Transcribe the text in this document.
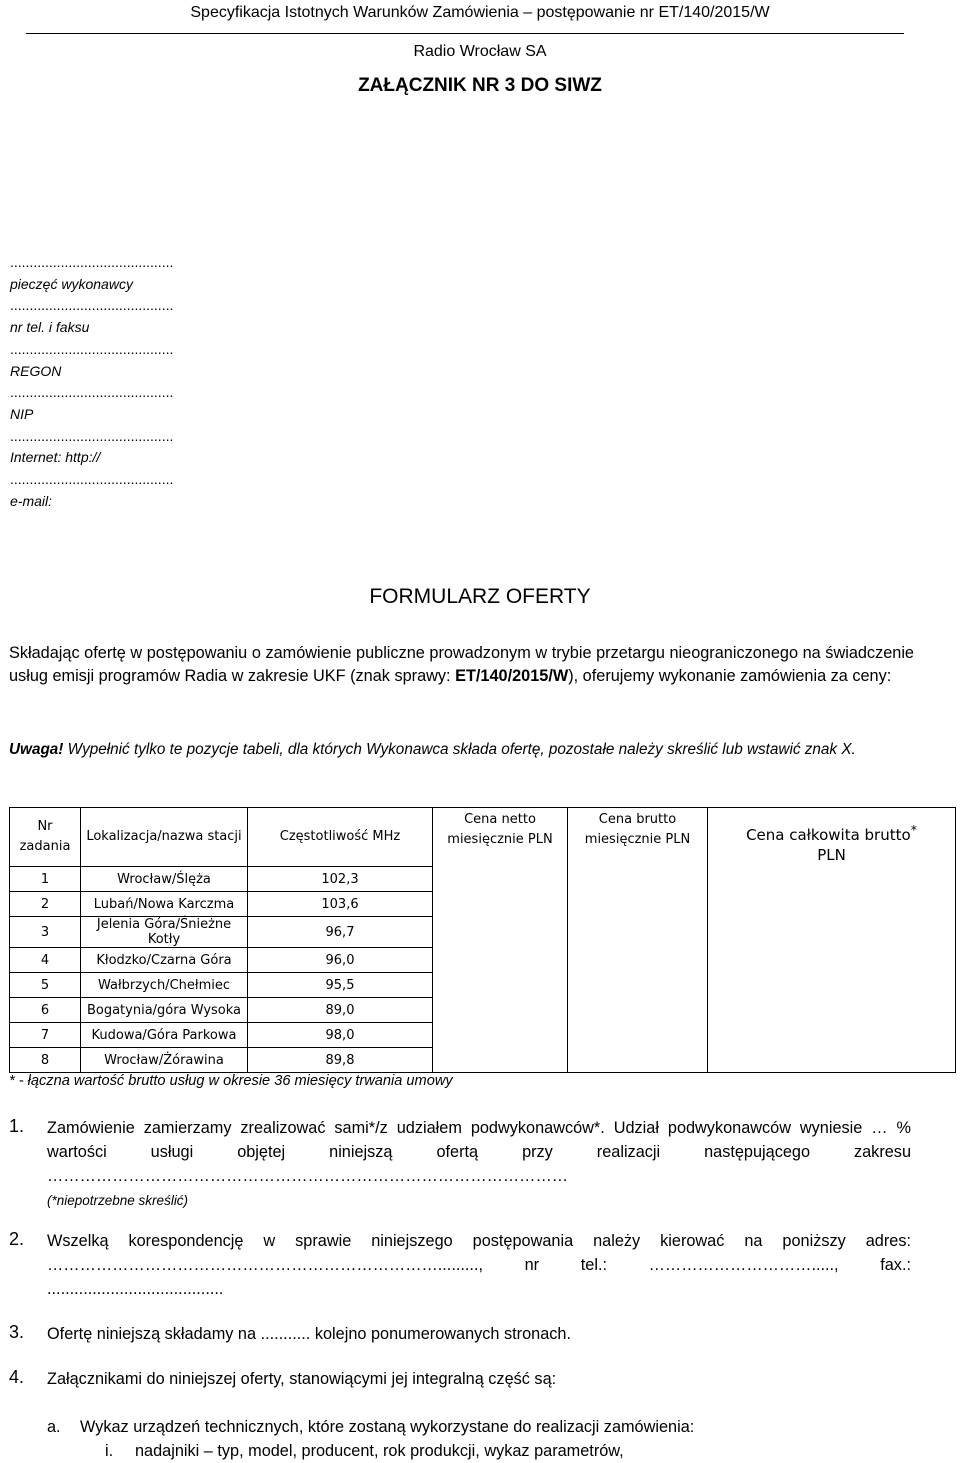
Specyfikacja Istotnych Warunków Zamówienia – postępowanie nr ET/140/2015/W
Radio Wrocław SA
ZAŁĄCZNIK NR 3 DO SIWZ
..........................................
pieczęć wykonawcy
..........................................
nr tel. i faksu
..........................................
REGON
..........................................
NIP
..........................................
Internet: http://
..........................................
e-mail:
FORMULARZ OFERTY
Składając ofertę w postępowaniu o zamówienie publiczne prowadzonym w trybie przetargu nieograniczonego na świadczenie usług emisji programów Radia w zakresie UKF (znak sprawy: ET/140/2015/W), oferujemy wykonanie zamówienia za ceny:
Uwaga! Wypełnić tylko te pozycje tabeli, dla których Wykonawca składa ofertę, pozostałe należy skreślić lub wstawić znak X.
Nr zadania	Lokalizacja/nazwa stacji	Częstotliwość MHz	Cena netto miesięcznie PLN	Cena brutto miesięcznie PLN	Cena całkowita brutto*
PLN
1	Wrocław/Ślęża	102,3			
2	Lubań/Nowa Karczma	103,6			
3	Jelenia Góra/Śnieżne Kotły	96,7			
4	Kłodzko/Czarna Góra	96,0			
5	Wałbrzych/Chełmiec	95,5			
6	Bogatynia/góra Wysoka	89,0			
7	Kudowa/Góra Parkowa	98,0			
8	Wrocław/Żórawina	89,8			
* - łączna wartość brutto usług w okresie 36 miesięcy trwania umowy
1. Zamówienie zamierzamy zrealizować sami*/z udziałem podwykonawców*. Udział podwykonawców wyniesie … % wartości usługi objętej niniejszą ofertą przy realizacji następującego zakresu ……………………………………………………………………………………
(*niepotrzebne skreślić)
2. Wszelką korespondencję w sprawie niniejszego postępowania należy kierować na poniższy adres: ………………………………………………………………........., nr tel.: …………………………....., fax.: .......................................
3. Ofertę niniejszą składamy na ........... kolejno ponumerowanych stronach.
4. Załącznikami do niniejszej oferty, stanowiącymi jej integralną część są:
a. Wykaz urządzeń technicznych, które zostaną wykorzystane do realizacji zamówienia:
i. nadajniki – typ, model, producent, rok produkcji, wykaz parametrów,
